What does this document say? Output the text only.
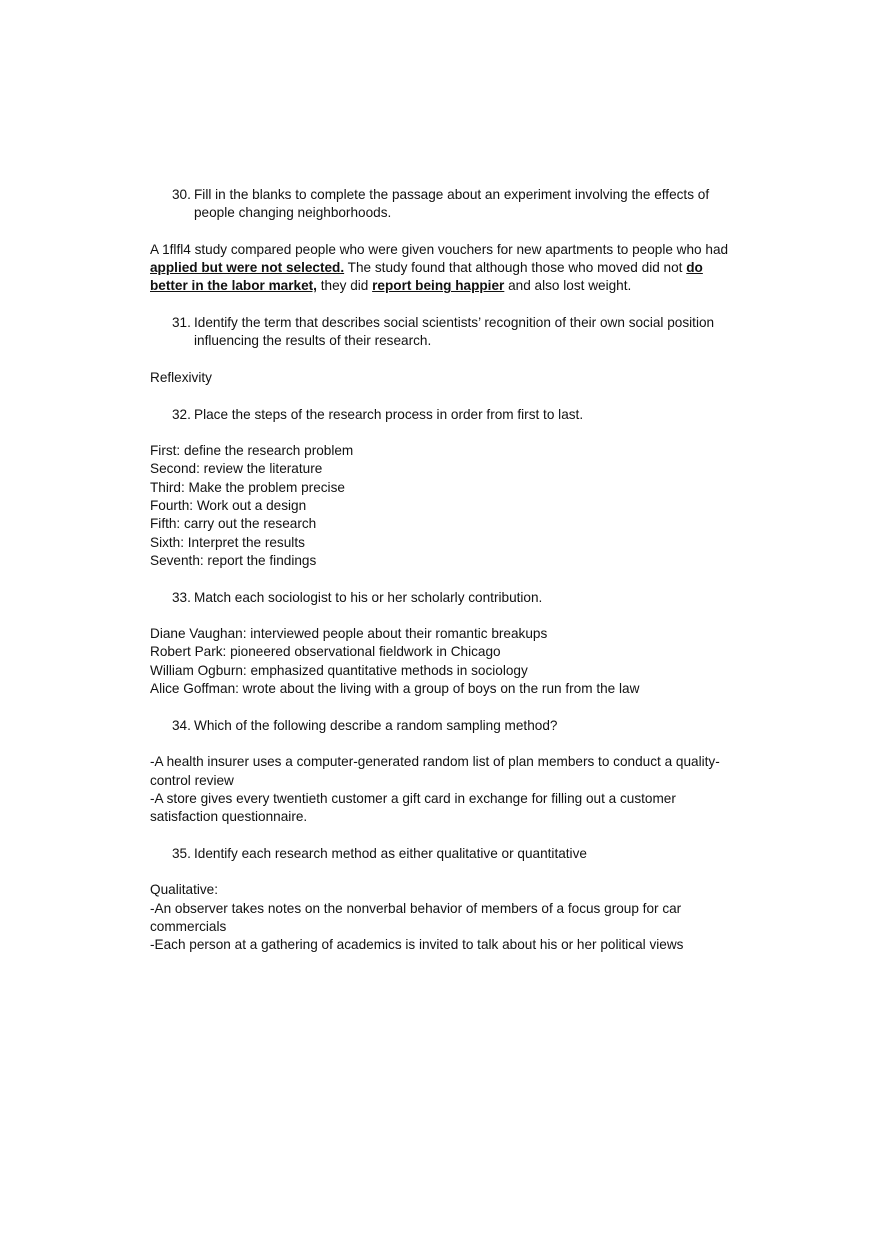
30. Fill in the blanks to complete the passage about an experiment involving the effects of people changing neighborhoods.

A 1flfl4 study compared people who were given vouchers for new apartments to people who had applied but were not selected. The study found that although those who moved did not do better in the labor market, they did report being happier and also lost weight.

31. Identify the term that describes social scientists’ recognition of their own social position influencing the results of their research.

Reflexivity

32. Place the steps of the research process in order from first to last.

First: define the research problem
Second: review the literature
Third: Make the problem precise
Fourth: Work out a design
Fifth: carry out the research
Sixth: Interpret the results
Seventh: report the findings

33. Match each sociologist to his or her scholarly contribution.

Diane Vaughan: interviewed people about their romantic breakups
Robert Park: pioneered observational fieldwork in Chicago
William Ogburn: emphasized quantitative methods in sociology
Alice Goffman: wrote about the living with a group of boys on the run from the law

34. Which of the following describe a random sampling method?

-A health insurer uses a computer-generated random list of plan members to conduct a quality-control review
-A store gives every twentieth customer a gift card in exchange for filling out a customer satisfaction questionnaire.

35. Identify each research method as either qualitative or quantitative

Qualitative:
-An observer takes notes on the nonverbal behavior of members of a focus group for car commercials
-Each person at a gathering of academics is invited to talk about his or her political views
